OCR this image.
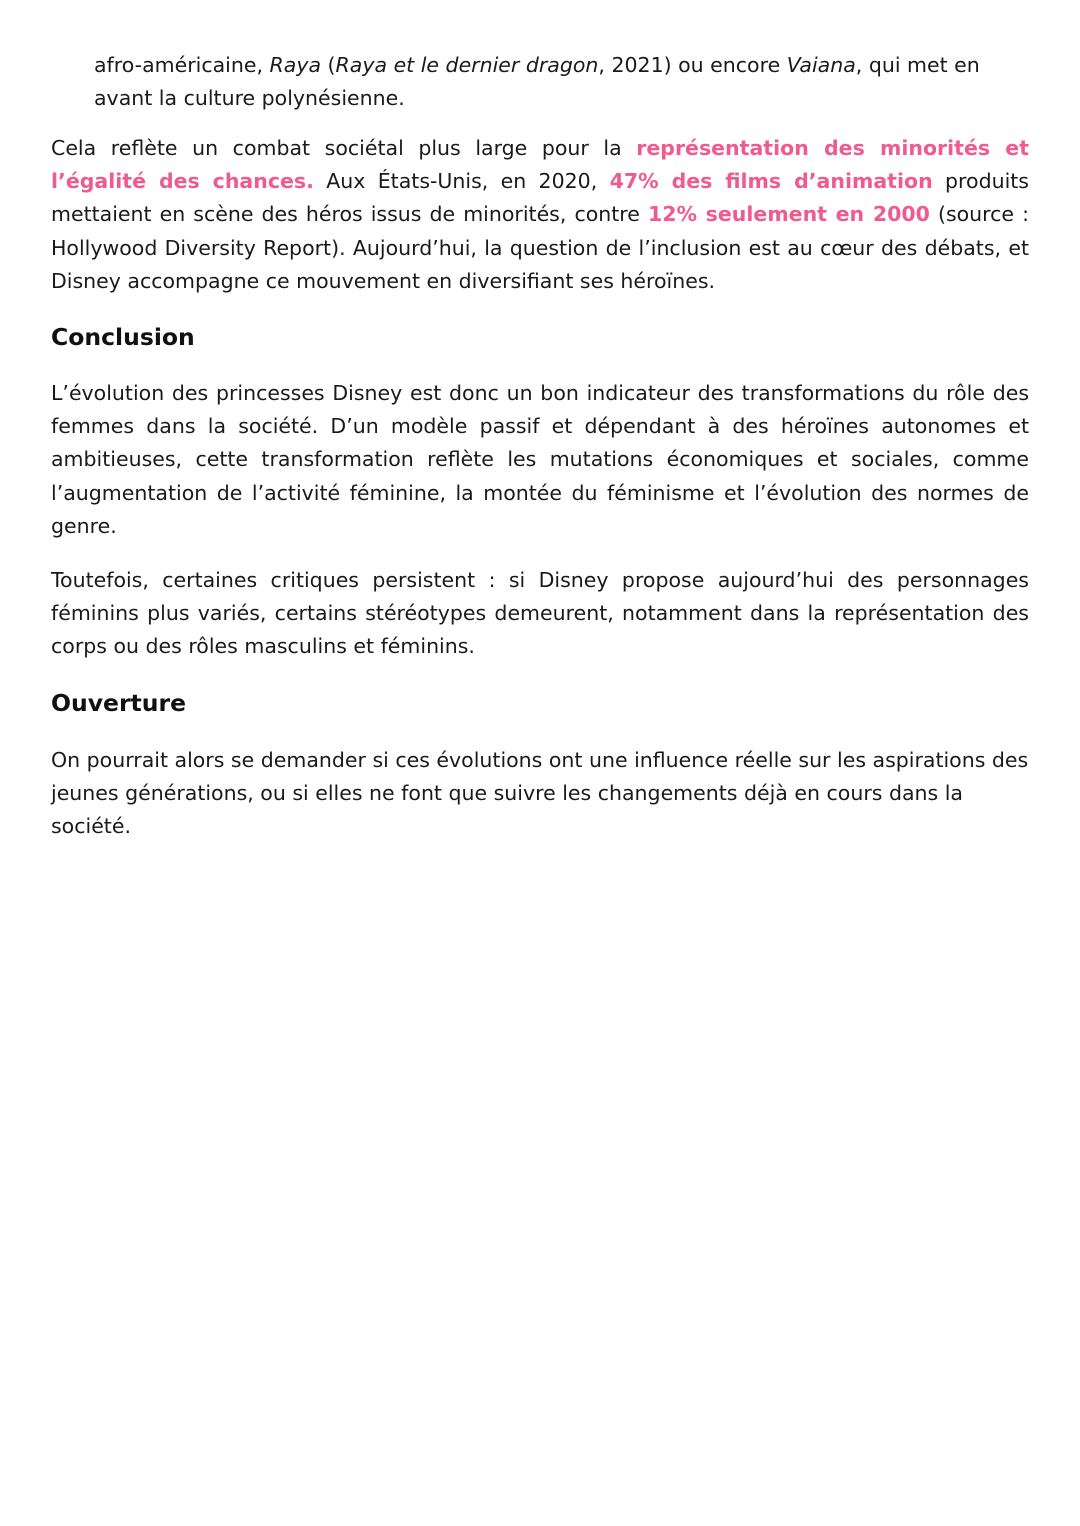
afro-américaine, Raya (Raya et le dernier dragon, 2021) ou encore Vaiana, qui met en avant la culture polynésienne.

Cela reflète un combat sociétal plus large pour la représentation des minorités et l’égalité des chances. Aux États-Unis, en 2020, 47% des films d’animation produits mettaient en scène des héros issus de minorités, contre 12% seulement en 2000 (source : Hollywood Diversity Report). Aujourd’hui, la question de l’inclusion est au cœur des débats, et Disney accompagne ce mouvement en diversifiant ses héroïnes.

Conclusion

L’évolution des princesses Disney est donc un bon indicateur des transformations du rôle des femmes dans la société. D’un modèle passif et dépendant à des héroïnes autonomes et ambitieuses, cette transformation reflète les mutations économiques et sociales, comme l’augmentation de l’activité féminine, la montée du féminisme et l’évolution des normes de genre.

Toutefois, certaines critiques persistent : si Disney propose aujourd’hui des personnages féminins plus variés, certains stéréotypes demeurent, notamment dans la représentation des corps ou des rôles masculins et féminins.

Ouverture

On pourrait alors se demander si ces évolutions ont une influence réelle sur les aspirations des jeunes générations, ou si elles ne font que suivre les changements déjà en cours dans la société.
